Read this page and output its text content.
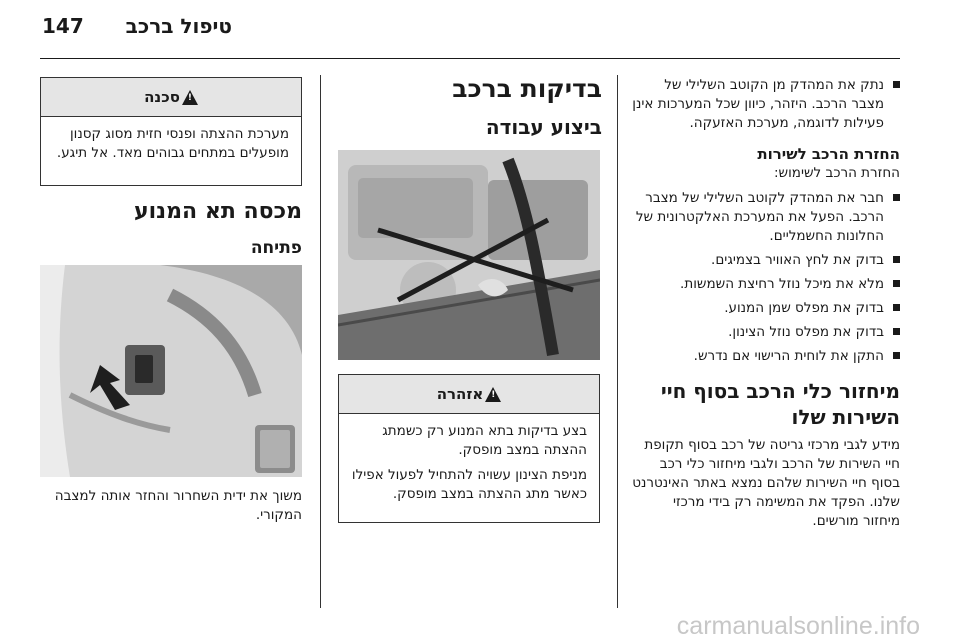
147	טיפול ברכב
נתק את המהדק מן הקוטב השלילי של מצבר הרכב. היזהר, כיוון שכל המערכות אינן פעילות לדוגמה, מערכת האזעקה.

החזרת הרכב לשירות

החזרת הרכב לשימוש:

חבר את המהדק לקוטב השלילי של מצבר הרכב. הפעל את המערכת האלקטרונית של החלונות החשמליים.
בדוק את לחץ האוויר בצמיגים.
מלא את מיכל נוזל רחיצת השמשות.
בדוק את מפלס שמן המנוע.
בדוק את מפלס נוזל הצינון.
התקן את לוחית הרישוי אם נדרש.

מיחזור כלי הרכב בסוף חיי השירות שלו

מידע לגבי מרכזי גריטה של רכב בסוף תקופת חיי השירות של הרכב ולגבי מיחזור כלי רכב בסוף חיי השירות שלהם נמצא באתר האינטרנט שלנו. הפקד את המשימה רק בידי מרכזי מיחזור מורשים.

בדיקות ברכב

ביצוע עבודה

!
אזהרה

בצע בדיקות בתא המנוע רק כשמתג ההצתה במצב מופסק.

מניפת הצינון עשויה להתחיל לפעול אפילו כאשר מתג ההצתה במצב מופסק.

!
סכנה

מערכת ההצתה ופנסי חזית מסוג קסנון מופעלים במתחים גבוהים מאד. אל תיגע.

מכסה תא המנוע

פתיחה

משוך את ידית השחרור והחזר אותה למצבה המקורי.
carmanualsonline.info
